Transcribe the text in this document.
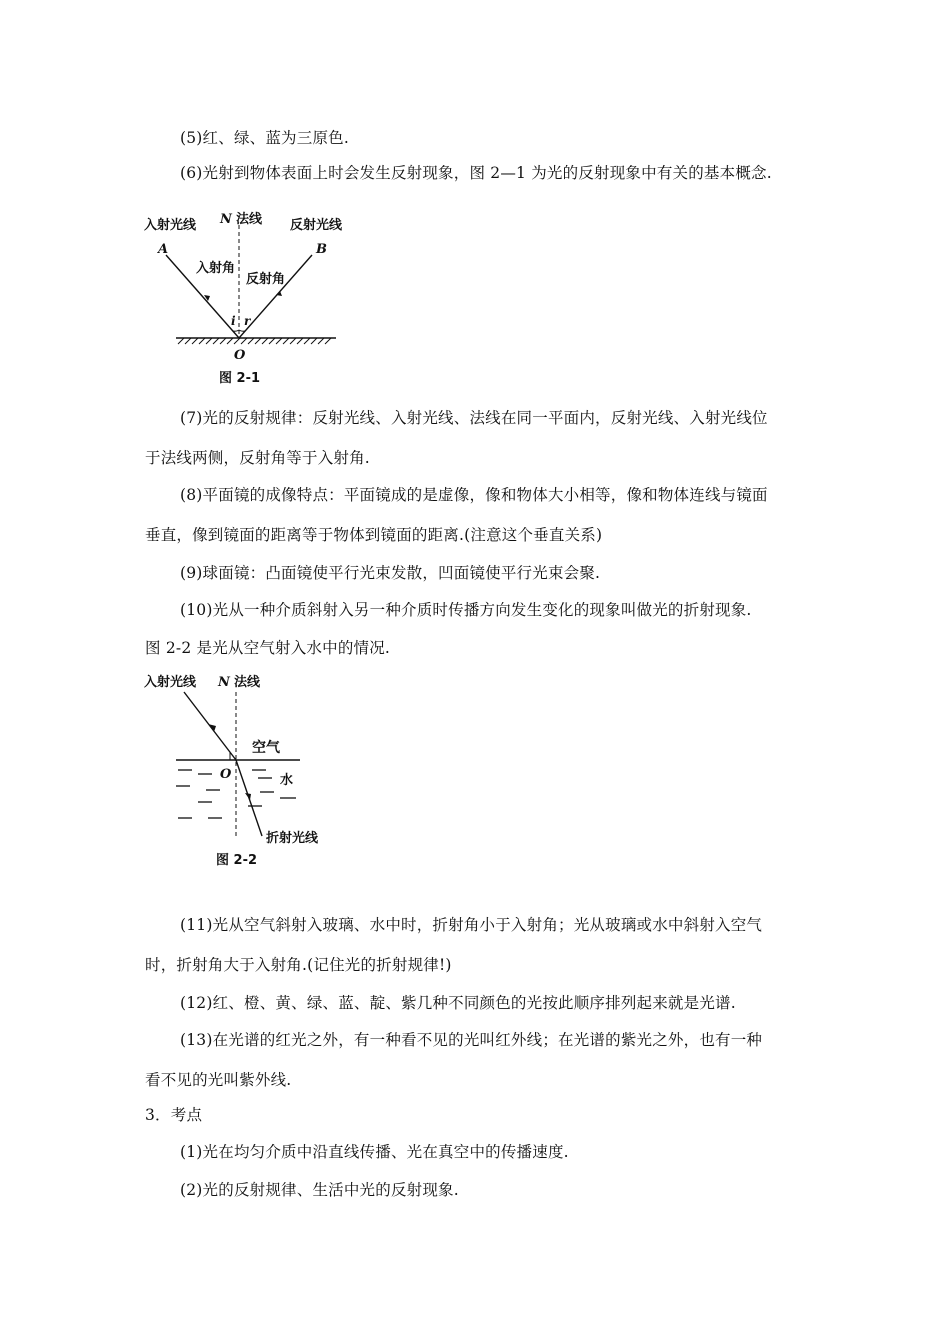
(5)红、绿、蓝为三原色.
(6)光射到物体表面上时会发生反射现象，图 2—1 为光的反射现象中有关的基本概念.
入射光线 N 法线 反射光线
A	B
入射角
反射角
i r
O
图 2-1
(7)光的反射规律：反射光线、入射光线、法线在同一平面内，反射光线、入射光线位
于法线两侧，反射角等于入射角.
(8)平面镜的成像特点：平面镜成的是虚像，像和物体大小相等，像和物体连线与镜面
垂直，像到镜面的距离等于物体到镜面的距离.(注意这个垂直关系)
(9)球面镜：凸面镜使平行光束发散，凹面镜使平行光束会聚.
(10)光从一种介质斜射入另一种介质时传播方向发生变化的现象叫做光的折射现象.
图 2-2 是光从空气射入水中的情况.
入射光线 N 法线
空气
O	水
折射光线
图 2-2
(11)光从空气斜射入玻璃、水中时，折射角小于入射角；光从玻璃或水中斜射入空气
时，折射角大于入射角.(记住光的折射规律!)
(12)红、橙、黄、绿、蓝、靛、紫几种不同颜色的光按此顺序排列起来就是光谱.
(13)在光谱的红光之外，有一种看不见的光叫红外线；在光谱的紫光之外，也有一种
看不见的光叫紫外线.
3．考点
(1)光在均匀介质中沿直线传播、光在真空中的传播速度.
(2)光的反射规律、生活中光的反射现象.
